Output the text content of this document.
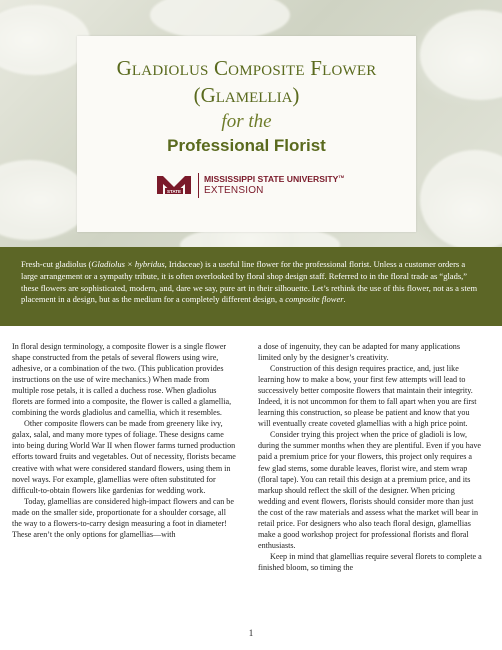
Gladiolus Composite Flower
(Glamellia)
for the
Professional Florist
STATE
MISSISSIPPI STATE UNIVERSITY™
EXTENSION
Fresh-cut gladiolus (Gladiolus × hybridus, Iridaceae) is a useful line flower for the professional florist. Unless a customer orders a large arrangement or a sympathy tribute, it is often overlooked by floral shop design staff. Referred to in the floral trade as “glads,” these flowers are sophisticated, modern, and, dare we say, pure art in their silhouette. Let’s rethink the use of this flower, not as a stem placement in a design, but as the medium for a completely different design, a composite flower.

In floral design terminology, a composite flower is a single flower shape constructed from the petals of several flowers using wire, adhesive, or a combination of the two. (This publication provides instructions on the use of wire mechanics.) When made from multiple rose petals, it is called a duchess rose. When gladiolus florets are formed into a composite, the flower is called a glamellia, combining the words gladiolus and camellia, which it resembles.

Other composite flowers can be made from greenery like ivy, galax, salal, and many more types of foliage. These designs came into being during World War II when flower farms turned production efforts toward fruits and vegetables. Out of necessity, florists became creative with what were considered standard flowers, using them in novel ways. For example, glamellias were often substituted for difficult-to-obtain flowers like gardenias for wedding work.

Today, glamellias are considered high-impact flowers and can be made on the smaller side, proportionate for a shoulder corsage, all the way to a flowers-to-carry design measuring a foot in diameter! These aren’t the only options for glamellias—with

a dose of ingenuity, they can be adapted for many applications limited only by the designer’s creativity.

Construction of this design requires practice, and, just like learning how to make a bow, your first few attempts will lead to successively better composite flowers that maintain their integrity. Indeed, it is not uncommon for them to fall apart when you are first learning this construction, so please be patient and know that you will eventually create coveted glamellias with a high price point.

Consider trying this project when the price of gladioli is low, during the summer months when they are plentiful. Even if you have paid a premium price for your flowers, this project only requires a few glad stems, some durable leaves, florist wire, and stem wrap (floral tape). You can retail this design at a premium price, and its markup should reflect the skill of the designer. When pricing wedding and event flowers, florists should consider more than just the cost of the raw materials and assess what the market will bear in retail price. For designers who also teach floral design, glamellias make a good workshop project for professional florists and floral enthusiasts.

Keep in mind that glamellias require several florets to complete a finished bloom, so timing the

1
